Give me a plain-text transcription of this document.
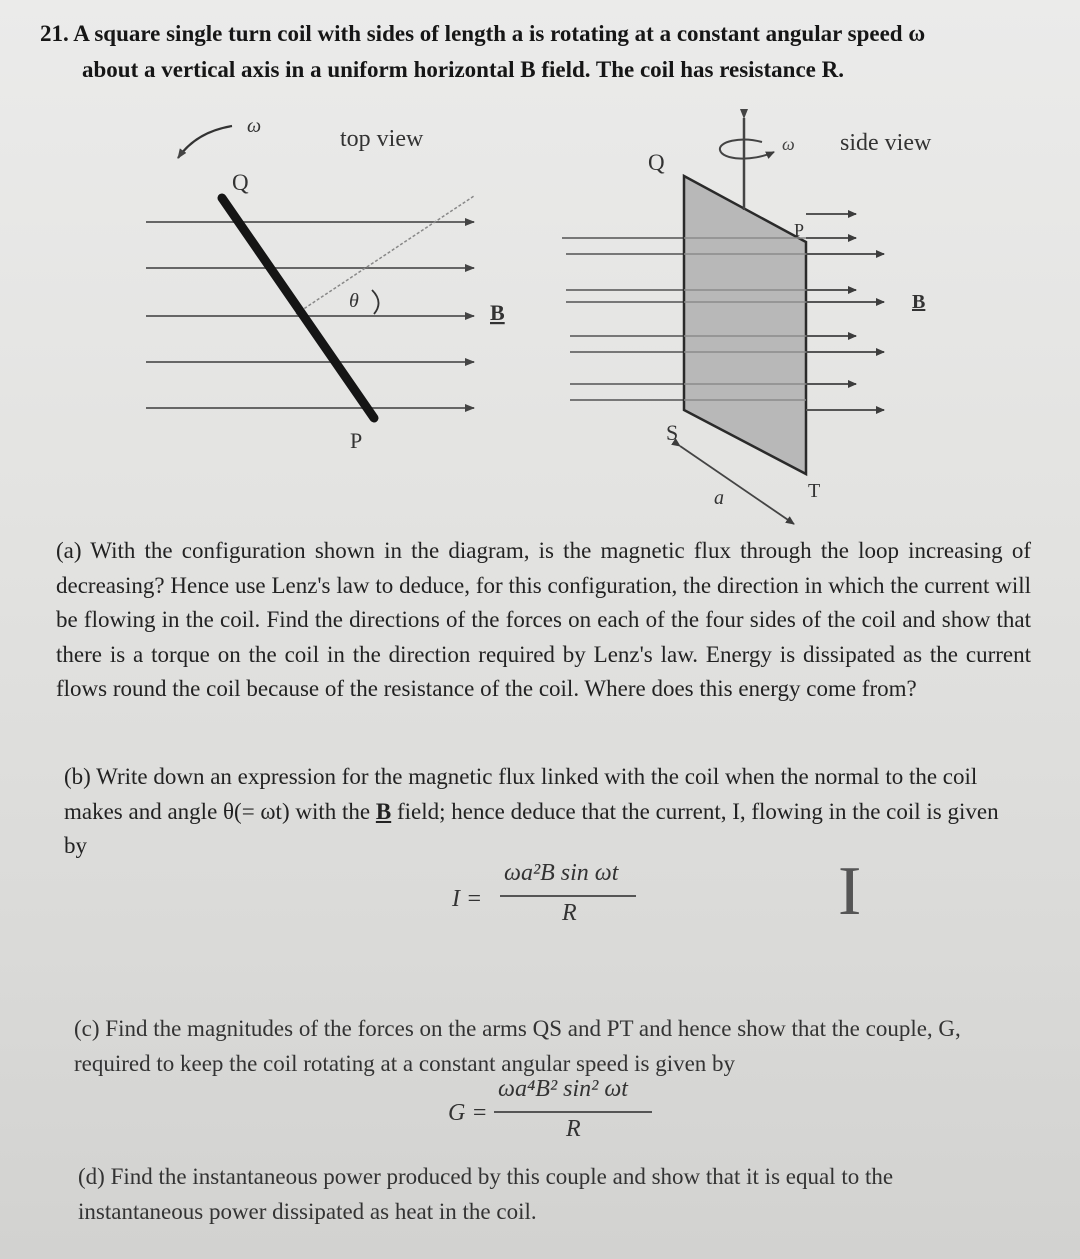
21. A square single turn coil with sides of length a is rotating at a constant angular speed ω
about a vertical axis in a uniform horizontal B field. The coil has resistance R.

θ
ω	top view
Q
P
B
ω side view
Q
P
S
T
a
B

(a) With the configuration shown in the diagram, is the magnetic flux through the loop increasing of decreasing? Hence use Lenz's law to deduce, for this configuration, the direction in which the current will be flowing in the coil. Find the directions of the forces on each of the four sides of the coil and show that there is a torque on the coil in the direction required by Lenz's law. Energy is dissipated as the current flows round the coil because of the resistance of the coil. Where does this energy come from?

(b) Write down an expression for the magnetic flux linked with the coil when the normal to the coil makes and angle θ(= ωt) with the B field; hence deduce that the current, I, flowing in the coil is given by

I =
ωa²B sin ωt
R	I

(c) Find the magnitudes of the forces on the arms QS and PT and hence show that the couple, G, required to keep the coil rotating at a constant angular speed is given by

G =
ωa⁴B² sin² ωt
R

(d) Find the instantaneous power produced by this couple and show that it is equal to the instantaneous power dissipated as heat in the coil.
